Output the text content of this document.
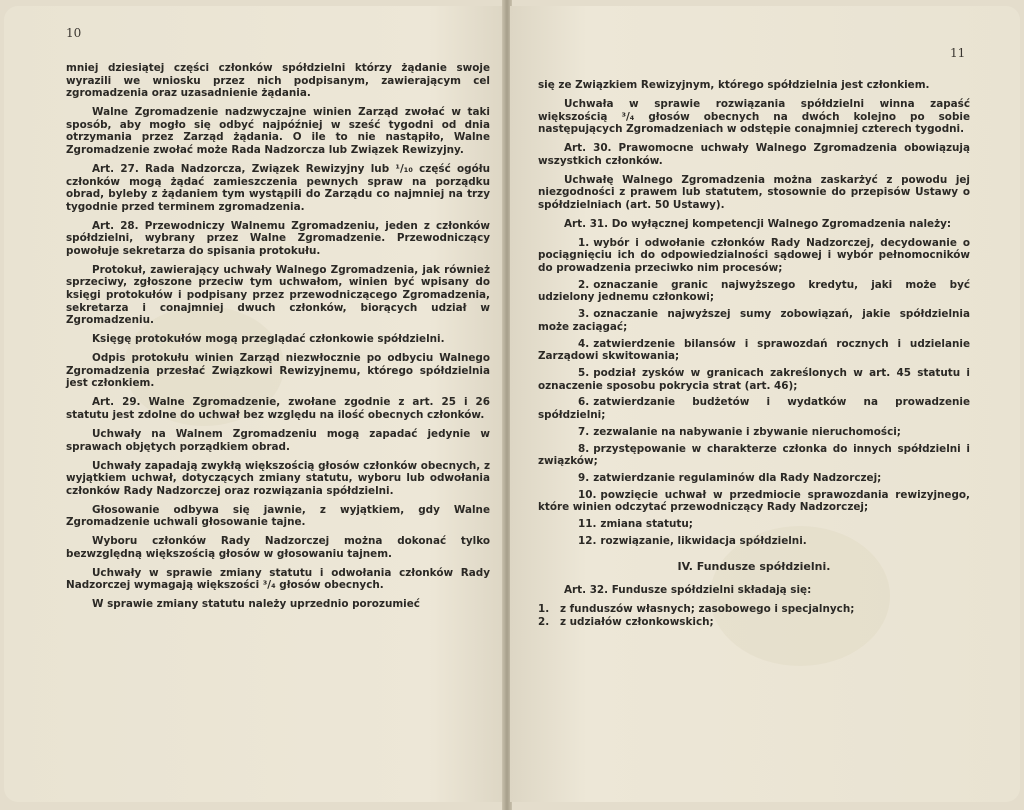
10

mniej dziesiątej części członków spółdzielni którzy żądanie swoje wyrazili we wniosku przez nich podpisanym, zawierającym cel zgromadzenia oraz uzasadnienie żądania.

Walne Zgromadzenie nadzwyczajne winien Zarząd zwołać w taki sposób, aby mogło się odbyć najpóźniej w sześć tygodni od dnia otrzymania przez Zarząd żądania. O ile to nie nastąpiło, Walne Zgromadzenie zwołać może Rada Nadzorcza lub Związek Rewizyjny.

Art. 27. Rada Nadzorcza, Związek Rewizyjny lub ¹/₁₀ część ogółu członków mogą żądać zamieszczenia pewnych spraw na porządku obrad, byleby z żądaniem tym wystąpili do Zarządu co najmniej na trzy tygodnie przed terminem zgromadzenia.

Art. 28. Przewodniczy Walnemu Zgromadzeniu, jeden z członków spółdzielni, wybrany przez Walne Zgromadzenie. Przewodniczący powołuje sekretarza do spisania protokułu.

Protokuł, zawierający uchwały Walnego Zgromadzenia, jak również sprzeciwy, zgłoszone przeciw tym uchwałom, winien być wpisany do księgi protokułów i podpisany przez przewodniczącego Zgromadzenia, sekretarza i conajmniej dwuch członków, biorących udział w Zgromadzeniu.

Księgę protokułów mogą przeglądać członkowie spółdzielni.

Odpis protokułu winien Zarząd niezwłocznie po odbyciu Walnego Zgromadzenia przesłać Związkowi Rewizyjnemu, którego spółdzielnia jest członkiem.

Art. 29. Walne Zgromadzenie, zwołane zgodnie z art. 25 i 26 statutu jest zdolne do uchwał bez względu na ilość obecnych członków.

Uchwały na Walnem Zgromadzeniu mogą zapadać jedynie w sprawach objętych porządkiem obrad.

Uchwały zapadają zwykłą większością głosów członków obecnych, z wyjątkiem uchwał, dotyczących zmiany statutu, wyboru lub odwołania członków Rady Nadzorczej oraz rozwiązania spółdzielni.

Głosowanie odbywa się jawnie, z wyjątkiem, gdy Walne Zgromadzenie uchwali głosowanie tajne.

Wyboru członków Rady Nadzorczej można dokonać tylko bezwzględną większością głosów w głosowaniu tajnem.

Uchwały w sprawie zmiany statutu i odwołania członków Rady Nadzorczej wymagają większości ³/₄ głosów obecnych.

W sprawie zmiany statutu należy uprzednio porozumieć

11

się ze Związkiem Rewizyjnym, którego spółdzielnia jest członkiem.

Uchwała w sprawie rozwiązania spółdzielni winna zapaść większością ³/₄ głosów obecnych na dwóch kolejno po sobie następujących Zgromadzeniach w odstępie conajmniej czterech tygodni.

Art. 30. Prawomocne uchwały Walnego Zgromadzenia obowiązują wszystkich członków.

Uchwałę Walnego Zgromadzenia można zaskarżyć z powodu jej niezgodności z prawem lub statutem, stosownie do przepisów Ustawy o spółdzielniach (art. 50 Ustawy).

Art. 31. Do wyłącznej kompetencji Walnego Zgromadzenia należy:

1. wybór i odwołanie członków Rady Nadzorczej, decydowanie o pociągnięciu ich do odpowiedzialności sądowej i wybór pełnomocników do prowadzenia przeciwko nim procesów;

2. oznaczanie granic najwyższego kredytu, jaki może być udzielony jednemu członkowi;

3. oznaczanie najwyższej sumy zobowiązań, jakie spółdzielnia może zaciągać;

4. zatwierdzenie bilansów i sprawozdań rocznych i udzielanie Zarządowi skwitowania;

5. podział zysków w granicach zakreślonych w art. 45 statutu i oznaczenie sposobu pokrycia strat (art. 46);

6. zatwierdzanie budżetów i wydatków na prowadzenie spółdzielni;

7. zezwalanie na nabywanie i zbywanie nieruchomości;

8. przystępowanie w charakterze członka do innych spółdzielni i związków;

9. zatwierdzanie regulaminów dla Rady Nadzorczej;

10. powzięcie uchwał w przedmiocie sprawozdania rewizyjnego, które winien odczytać przewodniczący Rady Nadzorczej;

11. zmiana statutu;

12. rozwiązanie, likwidacja spółdzielni.

IV. Fundusze spółdzielni.

Art. 32. Fundusze spółdzielni składają się:

1. z funduszów własnych; zasobowego i specjalnych;

2. z udziałów członkowskich;
